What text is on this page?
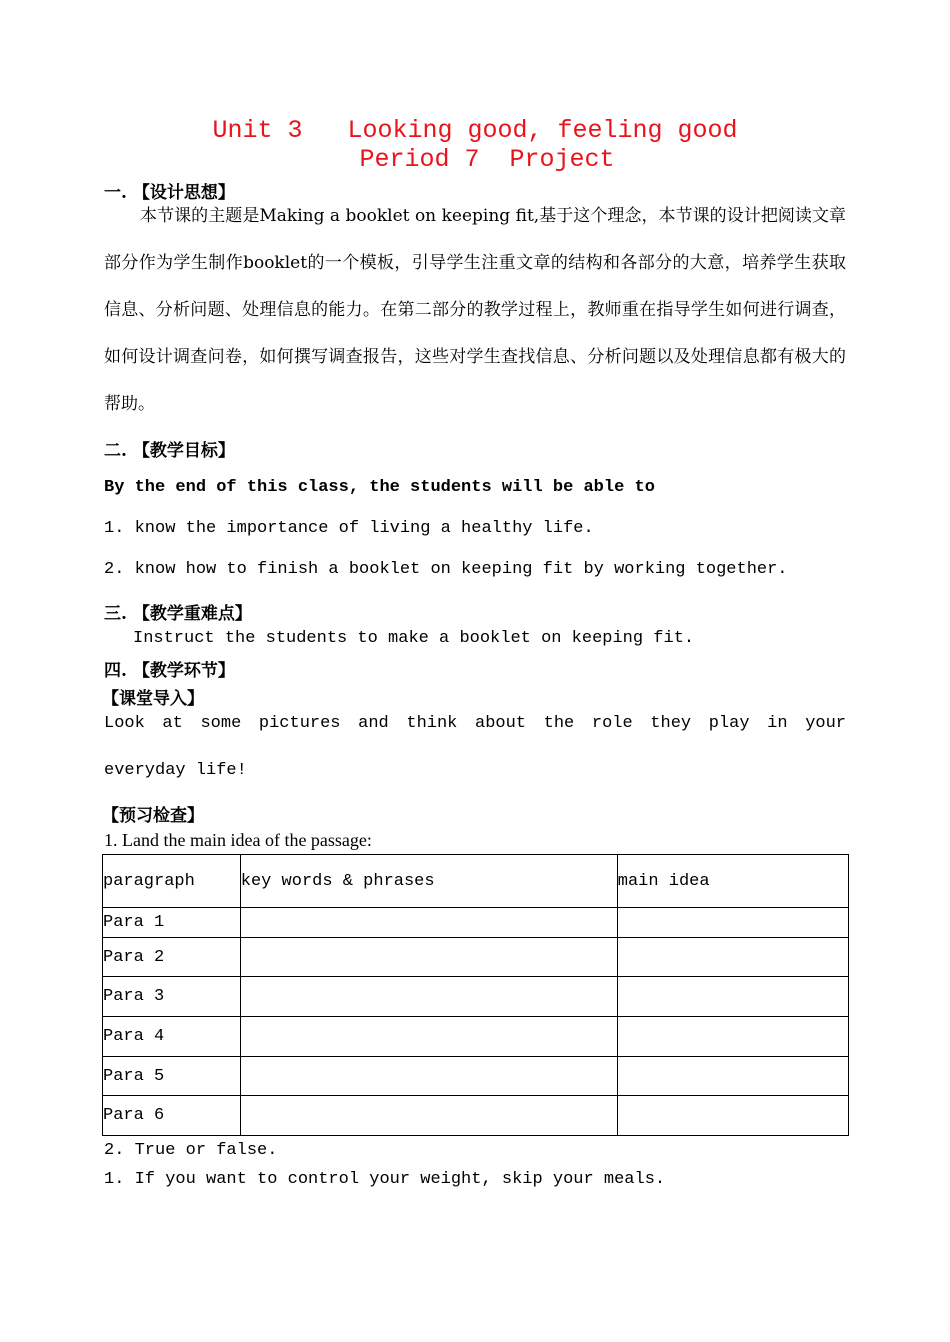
Unit 3   Looking good, feeling good
Period 7  Project
一. 【设计思想】
本节课的主题是Making a booklet on keeping fit,基于这个理念，本节课的设计把阅读文章部分作为学生制作booklet的一个模板，引导学生注重文章的结构和各部分的大意，培养学生获取信息、分析问题、处理信息的能力。在第二部分的教学过程上，教师重在指导学生如何进行调查，如何设计调查问卷，如何撰写调查报告，这些对学生查找信息、分析问题以及处理信息都有极大的帮助。
二. 【教学目标】
By the end of this class, the students will be able to
1. know the importance of living a healthy life.
2. know how to finish a booklet on keeping fit by working together.
三. 【教学重难点】
Instruct the students to make a booklet on keeping fit.
四. 【教学环节】
【课堂导入】
Look at some pictures and think about the role they play in your everyday life!
【预习检查】
1. Land the main idea of the passage:
paragraph	key words & phrases	main idea
Para 1		
Para 2		
Para 3		
Para 4		
Para 5		
Para 6		
2. True or false.
1. If you want to control your weight, skip your meals.
